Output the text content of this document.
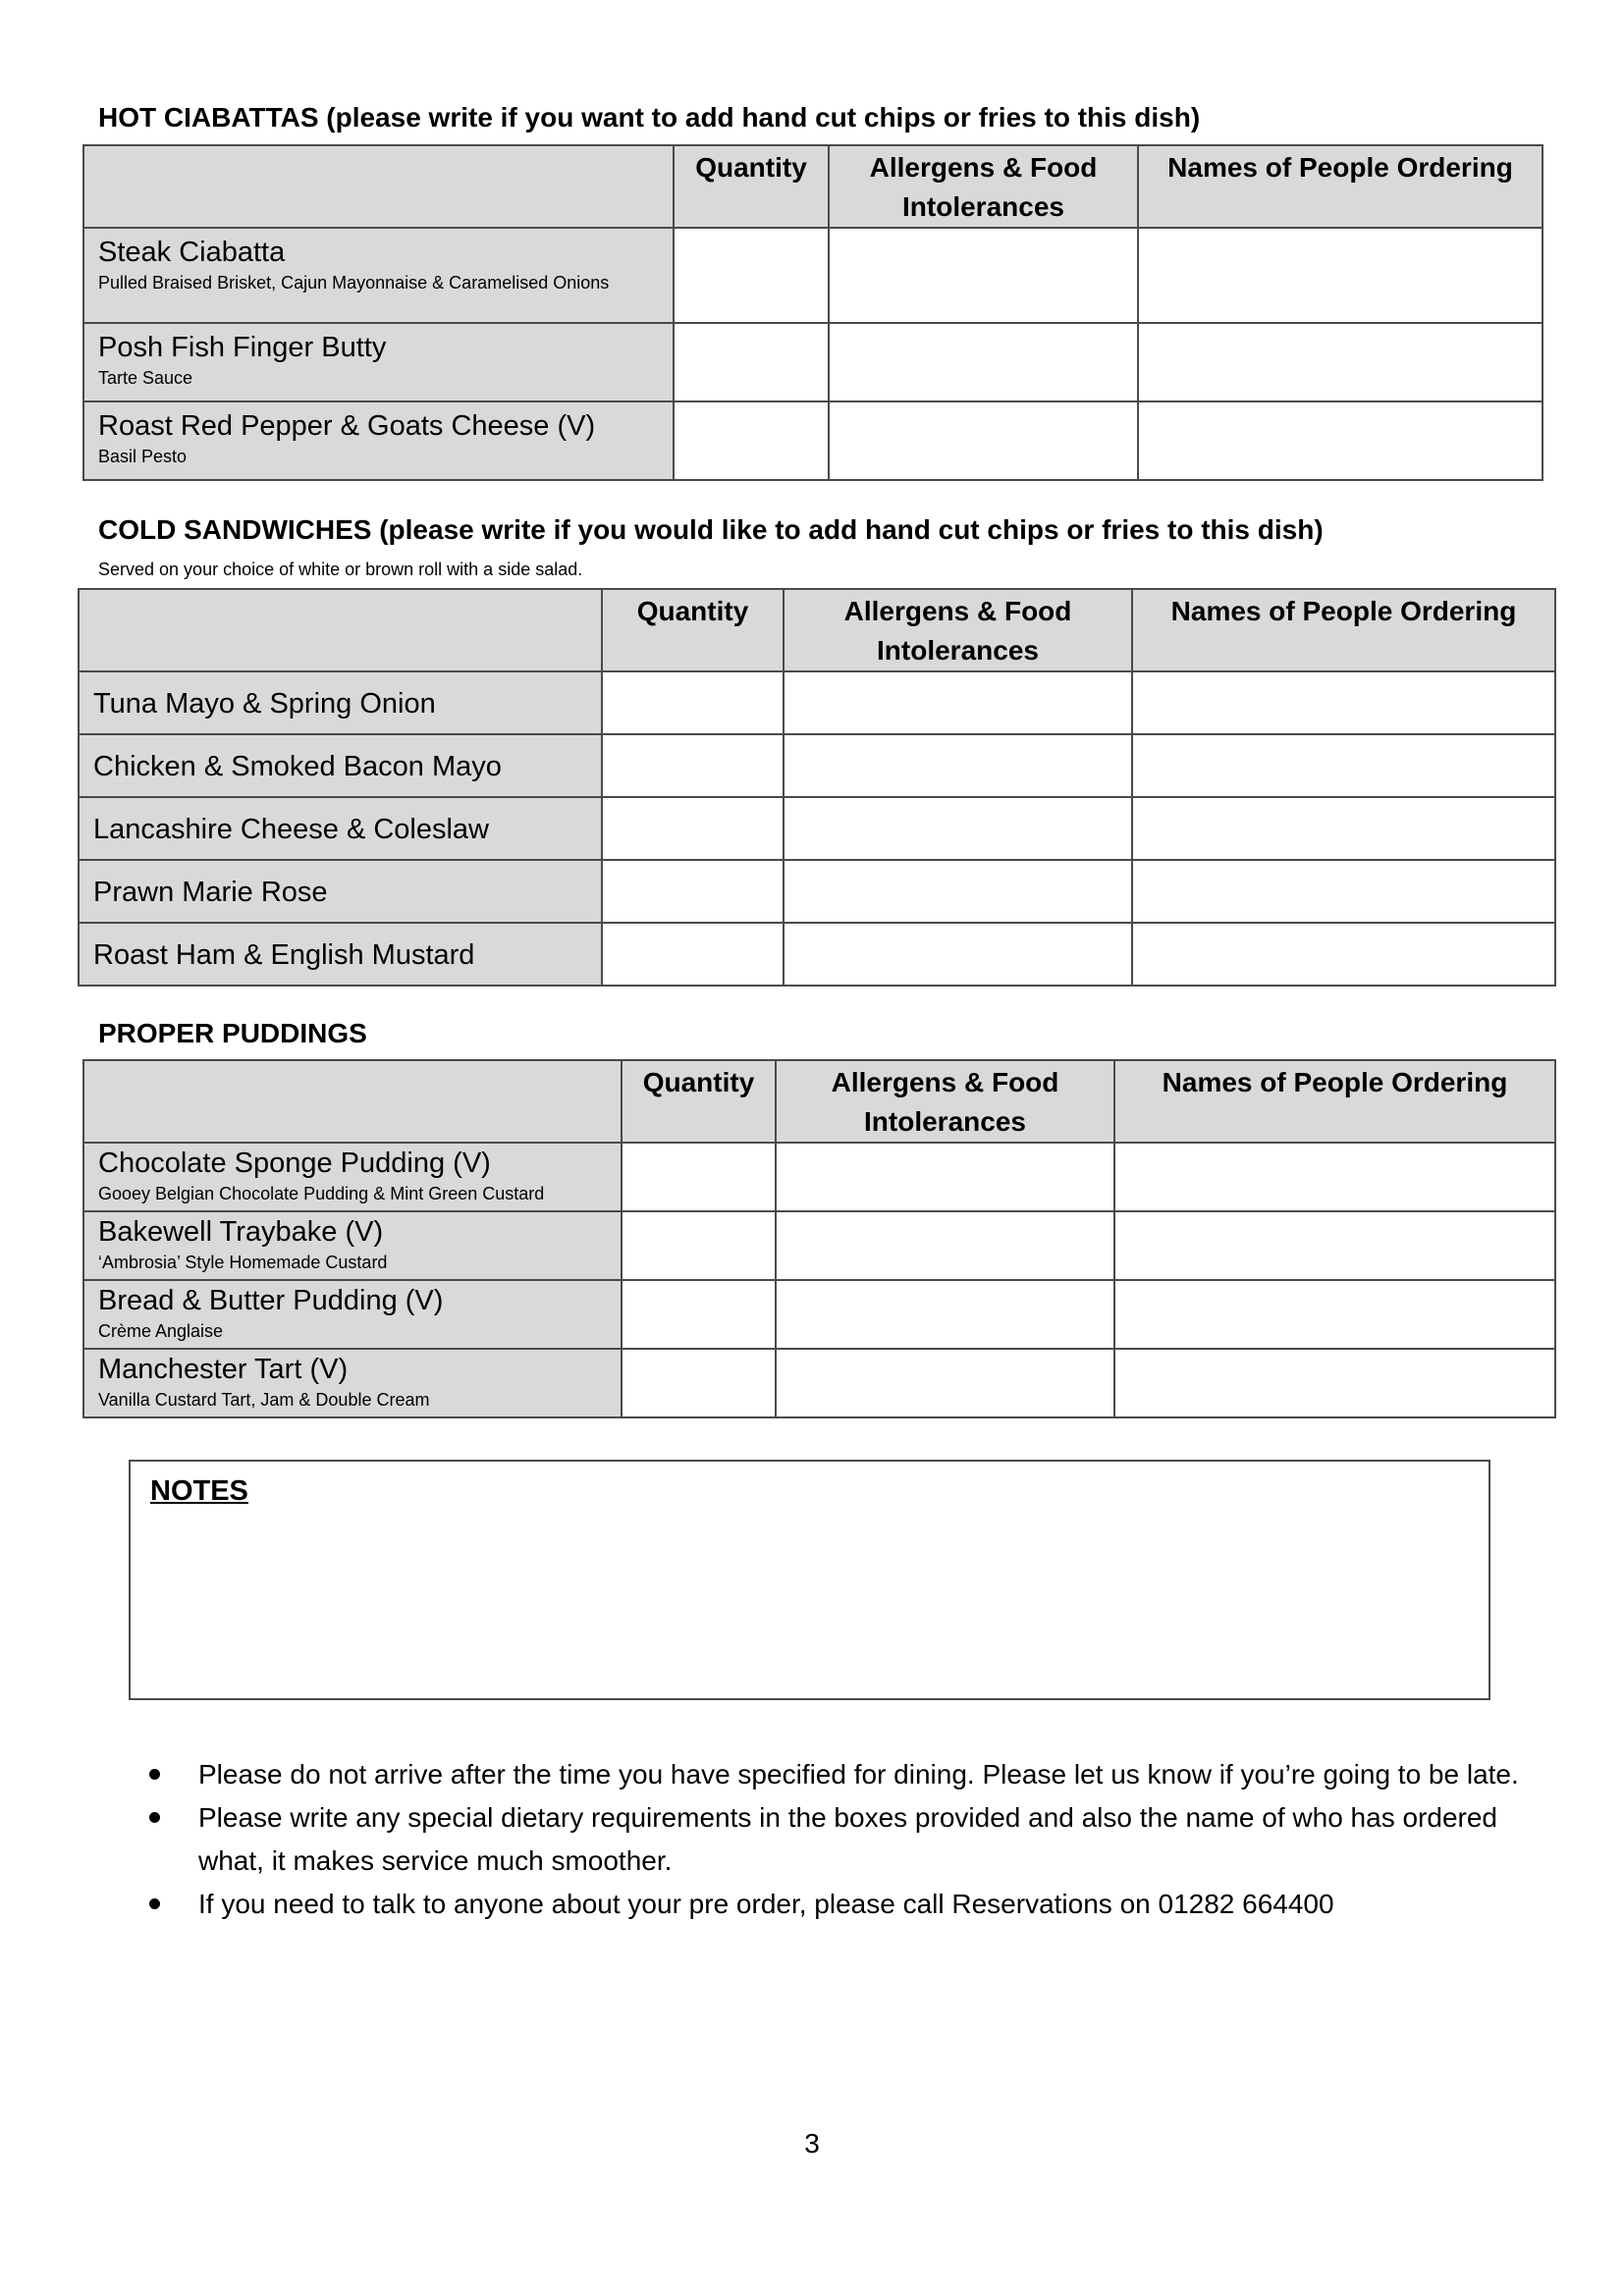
HOT CIABATTAS (please write if you want to add hand cut chips or fries to this dish)
	Quantity	Allergens & Food Intolerances	Names of People Ordering

Steak Ciabatta
Pulled Braised Brisket, Cajun Mayonnaise & Caramelised Onions			

Posh Fish Finger Butty
Tarte Sauce			

Roast Red Pepper & Goats Cheese (V)
Basil Pesto			

COLD SANDWICHES (please write if you would like to add hand cut chips or fries to this dish)

Served on your choice of white or brown roll with a side salad.

	Quantity	Allergens & Food Intolerances	Names of People Ordering

Tuna Mayo & Spring Onion			

Chicken & Smoked Bacon Mayo			

Lancashire Cheese & Coleslaw			

Prawn Marie Rose			

Roast Ham & English Mustard			

PROPER PUDDINGS
	Quantity	Allergens & Food Intolerances	Names of People Ordering

Chocolate Sponge Pudding (V)
Gooey Belgian Chocolate Pudding & Mint Green Custard			

Bakewell Traybake (V)
‘Ambrosia’ Style Homemade Custard			

Bread & Butter Pudding (V)
Crème Anglaise			

Manchester Tart (V)
Vanilla Custard Tart, Jam & Double Cream			

NOTES

Please do not arrive after the time you have specified for dining. Please let us know if you’re going to be late.
Please write any special dietary requirements in the boxes provided and also the name of who has ordered what, it makes service much smoother.
If you need to talk to anyone about your pre order, please call Reservations on 01282 664400

3
